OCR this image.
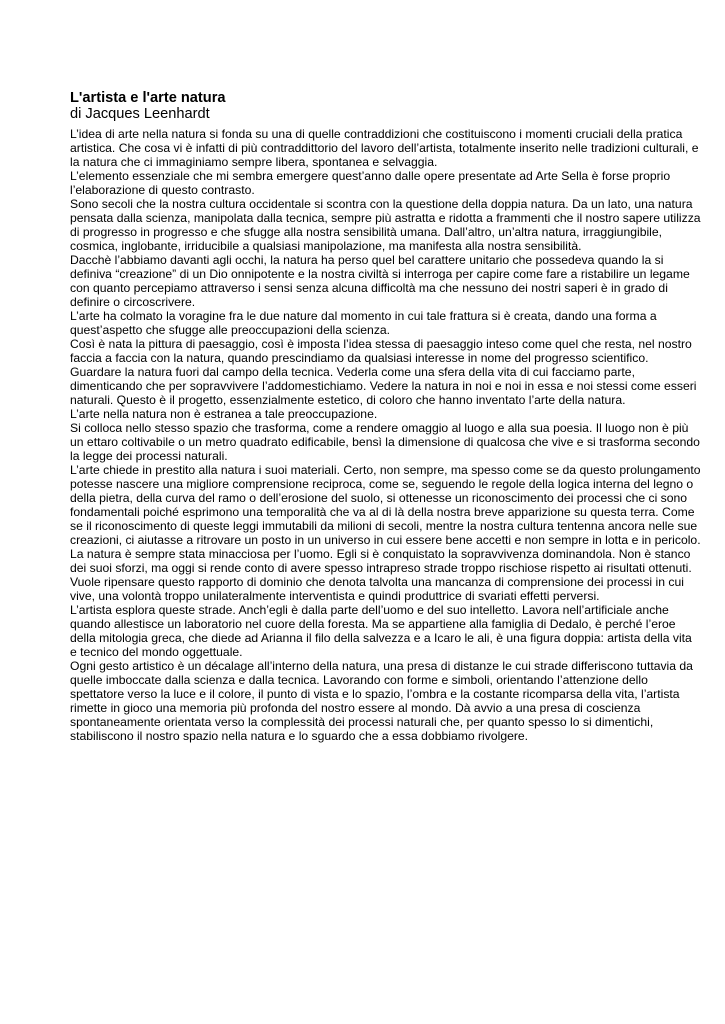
L'artista e l'arte natura
di Jacques Leenhardt
L’idea di arte nella natura si fonda su una di quelle contraddizioni che costituiscono i momenti cruciali della pratica
artistica. Che cosa vi è infatti di più contraddittorio del lavoro dell’artista, totalmente inserito nelle tradizioni culturali, e
la natura che ci immaginiamo sempre libera, spontanea e selvaggia.
L’elemento essenziale che mi sembra emergere quest’anno dalle opere presentate ad Arte Sella è forse proprio
l’elaborazione di questo contrasto.
Sono secoli che la nostra cultura occidentale si scontra con la questione della doppia natura. Da un lato, una natura
pensata dalla scienza, manipolata dalla tecnica, sempre più astratta e ridotta a frammenti che il nostro sapere utilizza
di progresso in progresso e che sfugge alla nostra sensibilità umana. Dall’altro, un’altra natura, irraggiungibile,
cosmica, inglobante, irriducibile a qualsiasi manipolazione, ma manifesta alla nostra sensibilità.
Dacchè l’abbiamo davanti agli occhi, la natura ha perso quel bel carattere unitario che possedeva quando la si
definiva “creazione” di un Dio onnipotente e la nostra civiltà si interroga per capire come fare a ristabilire un legame
con quanto percepiamo attraverso i sensi senza alcuna difficoltà ma che nessuno dei nostri saperi è in grado di
definire o circoscrivere.
L’arte ha colmato la voragine fra le due nature dal momento in cui tale frattura si è creata, dando una forma a
quest’aspetto che sfugge alle preoccupazioni della scienza.
Così è nata la pittura di paesaggio, così è imposta l’idea stessa di paesaggio inteso come quel che resta, nel nostro
faccia a faccia con la natura, quando prescindiamo da qualsiasi interesse in nome del progresso scientifico.
Guardare la natura fuori dal campo della tecnica. Vederla come una sfera della vita di cui facciamo parte,
dimenticando che per sopravvivere l’addomestichiamo. Vedere la natura in noi e noi in essa e noi stessi come esseri
naturali. Questo è il progetto, essenzialmente estetico, di coloro che hanno inventato l’arte della natura.
L’arte nella natura non è estranea a tale preoccupazione.
Si colloca nello stesso spazio che trasforma, come a rendere omaggio al luogo e alla sua poesia. Il luogo non è più
un ettaro coltivabile o un metro quadrato edificabile, bensì la dimensione di qualcosa che vive e si trasforma secondo
la legge dei processi naturali.
L’arte chiede in prestito alla natura i suoi materiali. Certo, non sempre, ma spesso come se da questo prolungamento
potesse nascere una migliore comprensione reciproca, come se, seguendo le regole della logica interna del legno o
della pietra, della curva del ramo o dell’erosione del suolo, si ottenesse un riconoscimento dei processi che ci sono
fondamentali poiché esprimono una temporalità che va al di là della nostra breve apparizione su questa terra. Come
se il riconoscimento di queste leggi immutabili da milioni di secoli, mentre la nostra cultura tentenna ancora nelle sue
creazioni, ci aiutasse a ritrovare un posto in un universo in cui essere bene accetti e non sempre in lotta e in pericolo.
La natura è sempre stata minacciosa per l’uomo. Egli si è conquistato la sopravvivenza dominandola. Non è stanco
dei suoi sforzi, ma oggi si rende conto di avere spesso intrapreso strade troppo rischiose rispetto ai risultati ottenuti.
Vuole ripensare questo rapporto di dominio che denota talvolta una mancanza di comprensione dei processi in cui
vive, una volontà troppo unilateralmente interventista e quindi produttrice di svariati effetti perversi.
L’artista esplora queste strade. Anch’egli è dalla parte dell’uomo e del suo intelletto. Lavora nell’artificiale anche
quando allestisce un laboratorio nel cuore della foresta. Ma se appartiene alla famiglia di Dedalo, è perché l’eroe
della mitologia greca, che diede ad Arianna il filo della salvezza e a Icaro le ali, è una figura doppia: artista della vita
e tecnico del mondo oggettuale.
Ogni gesto artistico è un décalage all’interno della natura, una presa di distanze le cui strade differiscono tuttavia da
quelle imboccate dalla scienza e dalla tecnica. Lavorando con forme e simboli, orientando l’attenzione dello
spettatore verso la luce e il colore, il punto di vista e lo spazio, l’ombra e la costante ricomparsa della vita, l’artista
rimette in gioco una memoria più profonda del nostro essere al mondo. Dà avvio a una presa di coscienza
spontaneamente orientata verso la complessità dei processi naturali che, per quanto spesso lo si dimentichi,
stabiliscono il nostro spazio nella natura e lo sguardo che a essa dobbiamo rivolgere.
